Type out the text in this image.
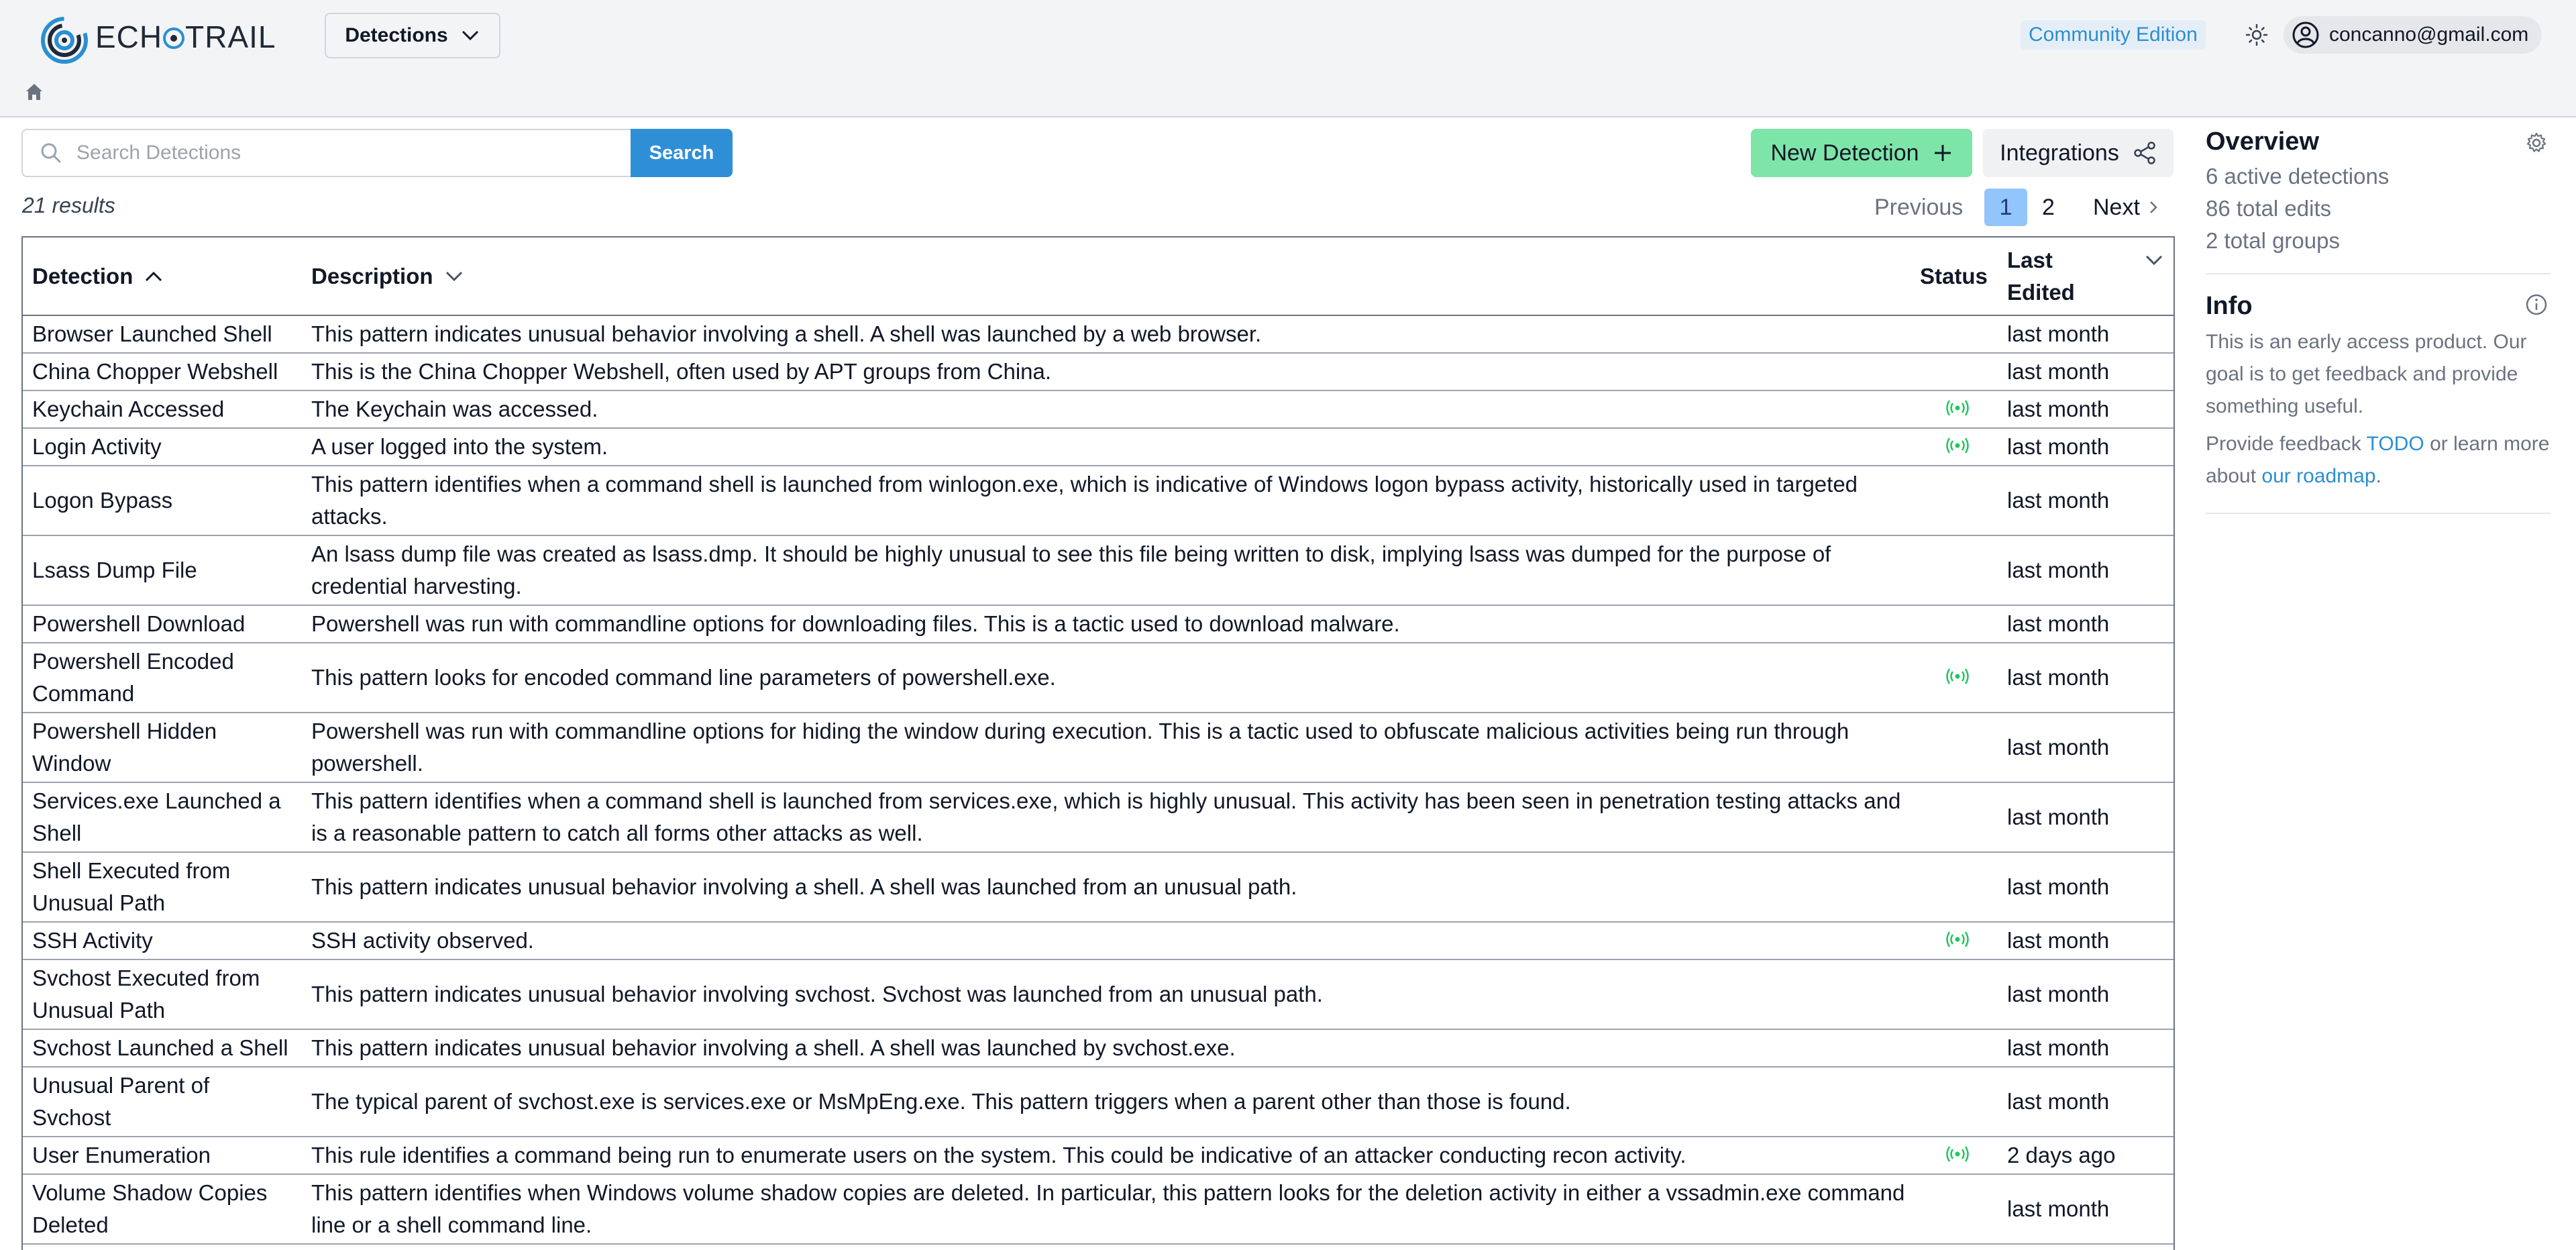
ECH TRAIL	Detections	Community Edition	concanno@gmail.com
Search Detections
Search
21 results
New Detection	Integrations
Previous	1	2 Next
Detection	Description	Status	Last Edited

Browser Launched Shell	This pattern indicates unusual behavior involving a shell. A shell was launched by a web browser.		last month
China Chopper Webshell	This is the China Chopper Webshell, often used by APT groups from China.		last month
Keychain Accessed	The Keychain was accessed.		last month
Login Activity	A user logged into the system.		last month
Logon Bypass	This pattern identifies when a command shell is launched from winlogon.exe, which is indicative of Windows logon bypass activity, historically used in targeted attacks.		last month
Lsass Dump File	An lsass dump file was created as lsass.dmp. It should be highly unusual to see this file being written to disk, implying lsass was dumped for the purpose of credential harvesting.		last month
Powershell Download	Powershell was run with commandline options for downloading files. This is a tactic used to download malware.		last month
Powershell Encoded Command	This pattern looks for encoded command line parameters of powershell.exe.		last month
Powershell Hidden Window	Powershell was run with commandline options for hiding the window during execution. This is a tactic used to obfuscate malicious activities being run through powershell.		last month
Services.exe Launched a Shell	This pattern identifies when a command shell is launched from services.exe, which is highly unusual. This activity has been seen in penetration testing attacks and is a reasonable pattern to catch all forms other attacks as well.		last month
Shell Executed from Unusual Path	This pattern indicates unusual behavior involving a shell. A shell was launched from an unusual path.		last month
SSH Activity	SSH activity observed.		last month
Svchost Executed from Unusual Path	This pattern indicates unusual behavior involving svchost. Svchost was launched from an unusual path.		last month
Svchost Launched a Shell	This pattern indicates unusual behavior involving a shell. A shell was launched by svchost.exe.		last month
Unusual Parent of Svchost	The typical parent of svchost.exe is services.exe or MsMpEng.exe. This pattern triggers when a parent other than those is found.		last month
User Enumeration	This rule identifies a command being run to enumerate users on the system. This could be indicative of an attacker conducting recon activity.		2 days ago
Volume Shadow Copies Deleted	This pattern identifies when Windows volume shadow copies are deleted. In particular, this pattern looks for the deletion activity in either a vssadmin.exe command line or a shell command line.		last month
Overview
6 active detections
86 total edits
2 total groups
Info

This is an early access product. Our goal is to get feedback and provide something useful.

Provide feedback TODO or learn more about our roadmap.
